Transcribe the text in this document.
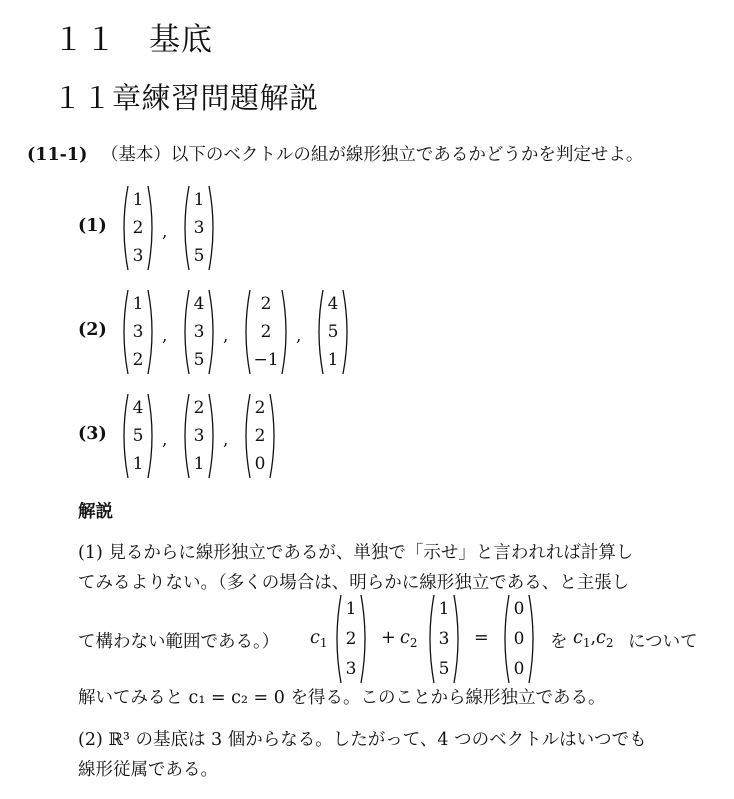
１１　基底
１１章練習問題解説
(11-1) （基本）以下のベクトルの組が線形独立であるかどうかを判定せよ。
(1)
1
2
3
,
1
3
5
(2)
1
3
2
,
4
3
5
,
2
2
−1
,
4
5
1
(3)
4
5
1
,
2
3
1
,
2
2
0
解説
(1) 見るからに線形独立であるが、単独で「示せ」と言われれば計算し
てみるよりない。（多くの場合は、明らかに線形独立である、と主張し
て構わない範囲である。）	$c_1$
1
2
3
+ $c_2$
1
3
5
=
0
0
0
を $c_1,c_2$ について
解いてみると c₁ = c₂ = 0 を得る。このことから線形独立である。
(2) ℝ³ の基底は 3 個からなる。したがって、4 つのベクトルはいつでも
線形従属である。
